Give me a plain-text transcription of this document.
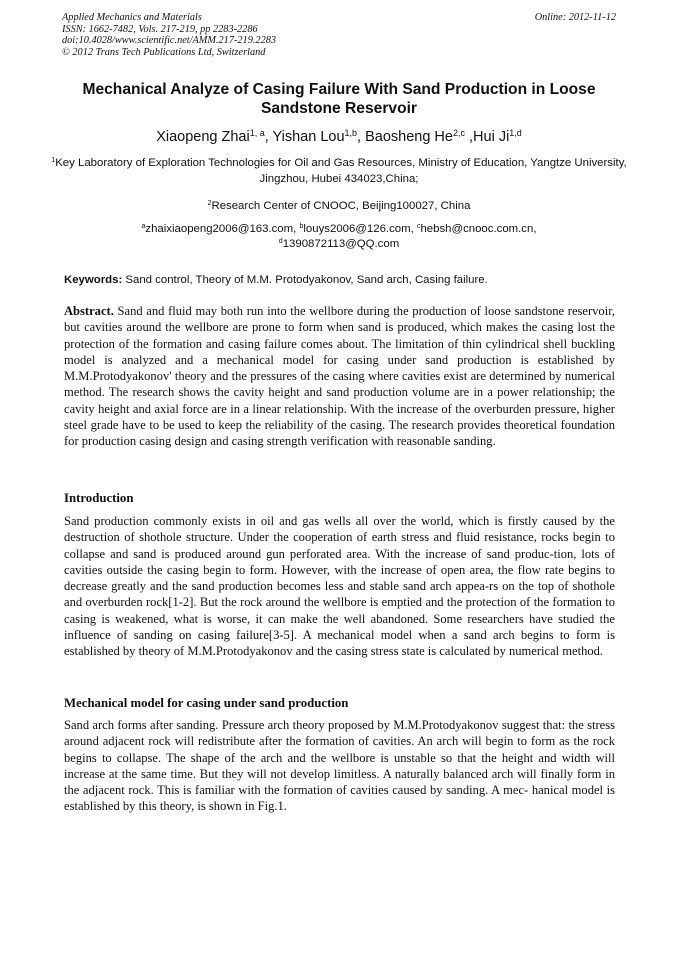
Applied Mechanics and Materials
ISSN: 1662-7482, Vols. 217-219, pp 2283-2286
doi:10.4028/www.scientific.net/AMM.217-219.2283
© 2012 Trans Tech Publications Ltd, Switzerland
Online: 2012-11-12
Mechanical Analyze of Casing Failure With Sand Production in Loose Sandstone Reservoir
Xiaopeng Zhai$^{1, a}$, Yishan Lou$^{1,b}$, Baosheng He$^{2,c}$ ,Hui Ji$^{1,d}$
$^1$Key Laboratory of Exploration Technologies for Oil and Gas Resources, Ministry of Education, Yangtze University, Jingzhou, Hubei 434023,China;
$^2$Research Center of CNOOC, Beijing100027, China
$^a$zhaixiaopeng2006@163.com, $^b$louys2006@126.com, $^c$hebsh@cnooc.com.cn,
$^d$1390872113@QQ.com
Keywords: Sand control, Theory of M.M. Protodyakonov, Sand arch, Casing failure.
Abstract. Sand and fluid may both run into the wellbore during the production of loose sandstone reservoir, but cavities around the wellbore are prone to form when sand is produced, which makes the casing lost the protection of the formation and casing failure comes about. The limitation of thin cylindrical shell buckling model is analyzed and a mechanical model for casing under sand production is established by M.M.Protodyakonov' theory and the pressures of the casing where cavities exist are determined by numerical method. The research shows the cavity height and sand production volume are in a power relationship; the cavity height and axial force are in a linear relationship. With the increase of the overburden pressure, higher steel grade have to be used to keep the reliability of the casing. The research provides theoretical foundation for production casing design and casing strength verification with reasonable sanding.
Introduction
Sand production commonly exists in oil and gas wells all over the world, which is firstly caused by the destruction of shothole structure. Under the cooperation of earth stress and fluid resistance, rocks begin to collapse and sand is produced around gun perforated area. With the increase of sand produc-tion, lots of cavities outside the casing begin to form. However, with the increase of open area, the flow rate begins to decrease greatly and the sand production becomes less and stable sand arch appea-rs on the top of shothole and overburden rock[1-2]. But the rock around the wellbore is emptied and the protection of the formation to casing is weakened, what is worse, it can make the well abandoned. Some researchers have studied the influence of sanding on casing failure[3-5]. A mechanical model when a sand arch begins to form is established by theory of M.M.Protodyakonov and the casing stress state is calculated by numerical method.
Mechanical model for casing under sand production
Sand arch forms after sanding. Pressure arch theory proposed by M.M.Protodyakonov suggest that: the stress around adjacent rock will redistribute after the formation of cavities. An arch will begin to form as the rock begins to collapse. The shape of the arch and the wellbore is unstable so that the height and width will increase at the same time. But they will not develop limitless. A naturally balanced arch will finally form in the adjacent rock. This is familiar with the formation of cavities caused by sanding. A mec- hanical model is established by this theory, is shown in Fig.1.
